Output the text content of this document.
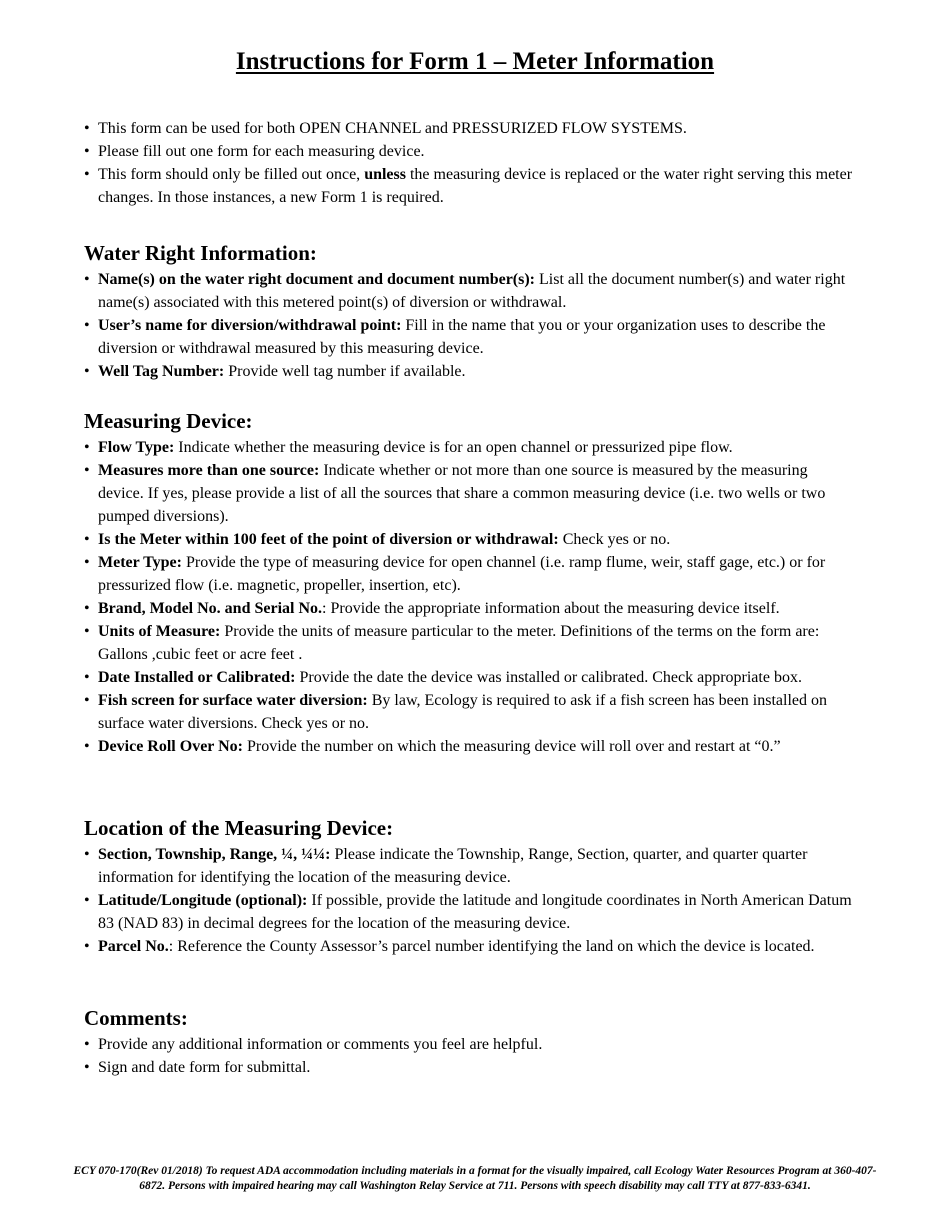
Instructions for Form 1 – Meter Information
• This form can be used for both OPEN CHANNEL and PRESSURIZED FLOW SYSTEMS.
• Please fill out one form for each measuring device.
• This form should only be filled out once, unless the measuring device is replaced or the water right serving this meter changes. In those instances, a new Form 1 is required.
Water Right Information:
• Name(s) on the water right document and document number(s): List all the document number(s) and water right name(s) associated with this metered point(s) of diversion or withdrawal.
• User’s name for diversion/withdrawal point: Fill in the name that you or your organization uses to describe the diversion or withdrawal measured by this measuring device.
• Well Tag Number: Provide well tag number if available.
Measuring Device:
• Flow Type: Indicate whether the measuring device is for an open channel or pressurized pipe flow.
• Measures more than one source: Indicate whether or not more than one source is measured by the measuring device. If yes, please provide a list of all the sources that share a common measuring device (i.e. two wells or two pumped diversions).
• Is the Meter within 100 feet of the point of diversion or withdrawal: Check yes or no.
• Meter Type: Provide the type of measuring device for open channel (i.e. ramp flume, weir, staff gage, etc.) or for pressurized flow (i.e. magnetic, propeller, insertion, etc).
• Brand, Model No. and Serial No.: Provide the appropriate information about the measuring device itself.
• Units of Measure: Provide the units of measure particular to the meter. Definitions of the terms on the form are: Gallons ,cubic feet or acre feet .
• Date Installed or Calibrated: Provide the date the device was installed or calibrated. Check appropriate box.
• Fish screen for surface water diversion: By law, Ecology is required to ask if a fish screen has been installed on surface water diversions. Check yes or no.
• Device Roll Over No: Provide the number on which the measuring device will roll over and restart at “0.”
Location of the Measuring Device:
• Section, Township, Range, ¼, ¼¼: Please indicate the Township, Range, Section, quarter, and quarter quarter information for identifying the location of the measuring device.
• Latitude/Longitude (optional): If possible, provide the latitude and longitude coordinates in North American Datum 83 (NAD 83) in decimal degrees for the location of the measuring device.
• Parcel No.: Reference the County Assessor’s parcel number identifying the land on which the device is located.
Comments:
• Provide any additional information or comments you feel are helpful.
• Sign and date form for submittal.
ECY 070-170(Rev 01/2018) To request ADA accommodation including materials in a format for the visually impaired, call Ecology Water Resources Program at 360-407-6872. Persons with impaired hearing may call Washington Relay Service at 711. Persons with speech disability may call TTY at 877-833-6341.
